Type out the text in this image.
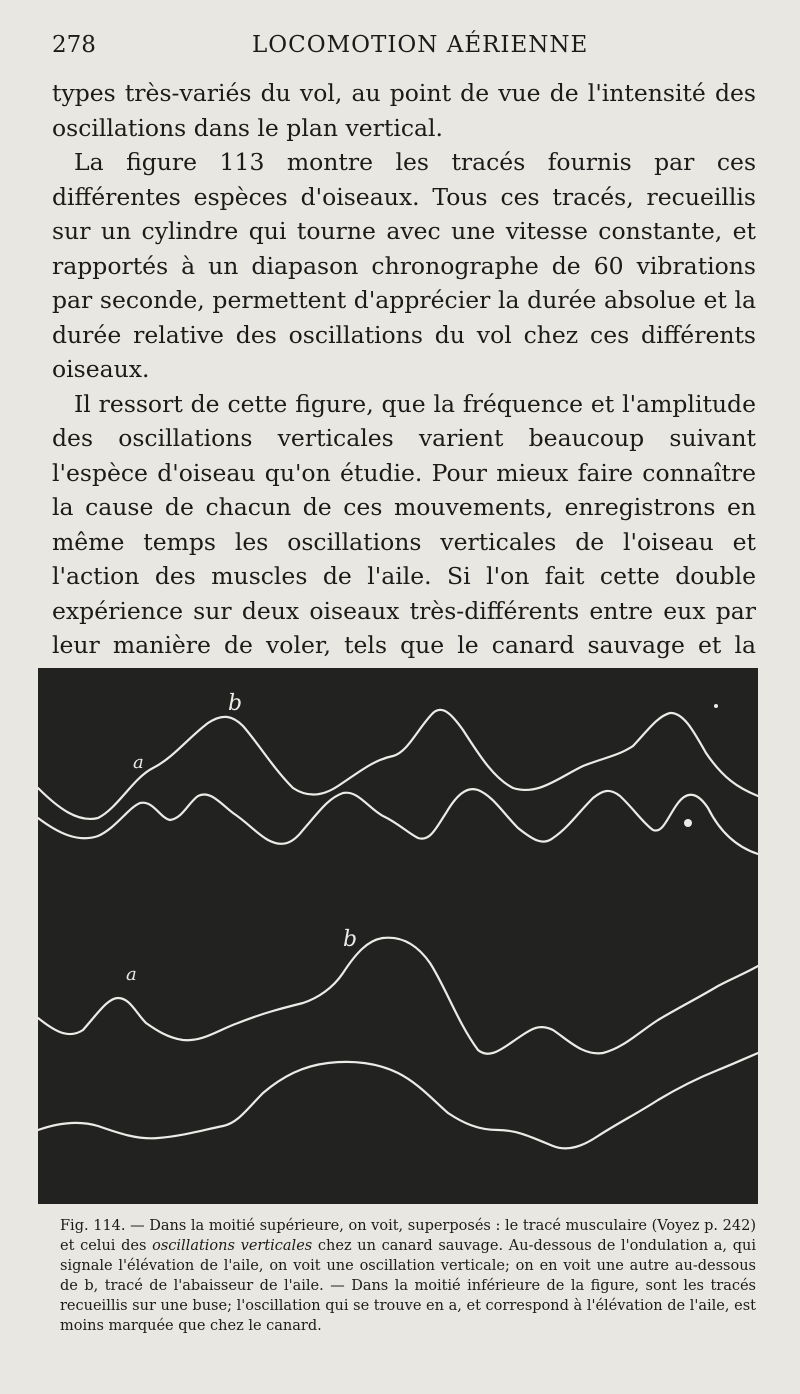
278	LOCOMOTION AÉRIENNE

types très-variés du vol, au point de vue de l'intensité des oscillations dans le plan vertical.

La figure 113 montre les tracés fournis par ces différentes espèces d'oiseaux. Tous ces tracés, recueillis sur un cylindre qui tourne avec une vitesse constante, et rapportés à un diapason chronographe de 60 vibrations par seconde, permettent d'apprécier la durée absolue et la durée relative des oscillations du vol chez ces différents oiseaux.

Il ressort de cette figure, que la fréquence et l'amplitude des oscillations verticales varient beaucoup suivant l'espèce d'oiseau qu'on étudie. Pour mieux faire connaître la cause de chacun de ces mouvements, enregistrons en même temps les oscillations verticales de l'oiseau et l'action des muscles de l'aile. Si l'on fait cette double expérience sur deux oiseaux très-différents entre eux par leur manière de voler, tels que le canard sauvage et la

a
b
a
b
Fig. 114. — Dans la moitié supérieure, on voit, superposés : le tracé musculaire (Voyez p. 242) et celui des oscillations verticales chez un canard sauvage. Au-dessous de l'ondulation a, qui signale l'élévation de l'aile, on voit une oscillation verticale; on en voit une autre au-dessous de b, tracé de l'abaisseur de l'aile. — Dans la moitié inférieure de la figure, sont les tracés recueillis sur une buse; l'oscillation qui se trouve en a, et correspond à l'élévation de l'aile, est moins marquée que chez le canard.
